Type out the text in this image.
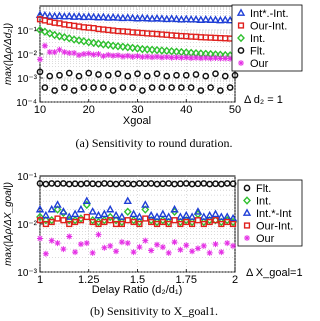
10	20	30	40	50
10⁻⁴
10⁻³
10⁻²
10⁻¹
Xgoal
max(|Δρ/Δd₂|)
Int*.-Int.
Our-Int.
Int.
Flt.
Our
Δ d₂ = 1
(a) Sensitivity to round duration.
1	1.25	1.5	1.75	2
10⁻³
10⁻²
10⁻¹
Delay Ratio (d₂/d₁)
max(|Δρ/ΔX_goal|)	Flt.
Int.
Int.*-Int
Our-Int.
Our
Δ X_goal=1
(b) Sensitivity to X_goal1.
